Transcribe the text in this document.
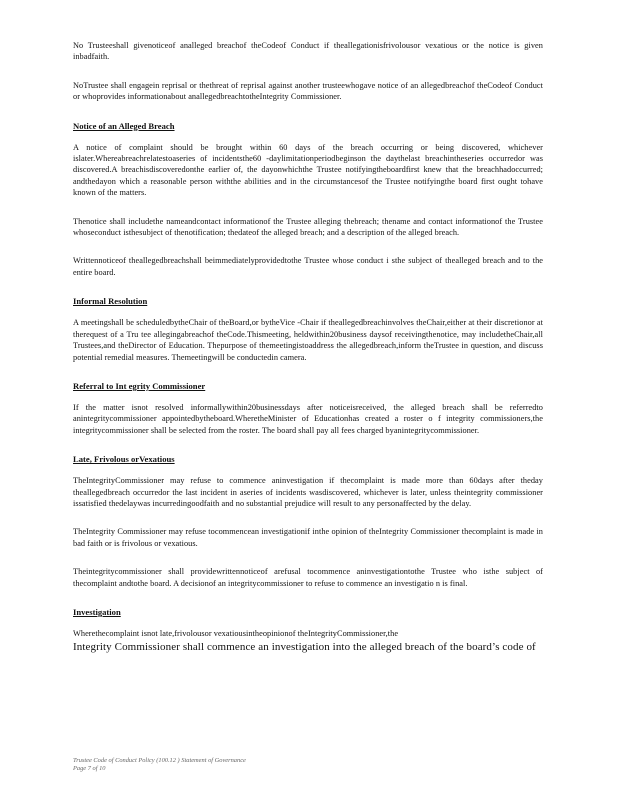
No Trusteeshall givenoticeof analleged breachof theCodeof Conduct if theallegationisfrivolousor vexatious or the notice is given inbadfaith.

NoTrustee shall engagein reprisal or thethreat of reprisal against another trusteewhogave notice of an allegedbreachof theCodeof Conduct or whoprovides informationabout anallegedbreachtotheIntegrity Commissioner.

Notice of an Alleged Breach

A notice of complaint should be brought within 60 days of the breach occurring or being discovered, whichever islater.Whereabreachrelatestoaseries of incidentsthe60 -daylimitationperiodbeginson the daythelast breachintheseries occurredor was discovered.A breachisdiscoveredonthe earlier of, the dayonwhichthe Trustee notifyingtheboardfirst knew that the breachhadoccurred; andthedayon which a reasonable person withthe abilities and in the circumstancesof the Trustee notifyingthe board first ought tohave known of the matters.

Thenotice shall includethe nameandcontact informationof the Trustee alleging thebreach; thename and contact informationof the Trustee whoseconduct isthesubject of thenotification; thedateof the alleged breach; and a description of the alleged breach.

Writtennoticeof theallegedbreachshall beimmediatelyprovidedtothe Trustee whose conduct i sthe subject of thealleged breach and to the entire board.

Informal Resolution

A meetingshall be scheduledbytheChair of theBoard,or bytheVice -Chair if theallegedbreachinvolves theChair,either at their discretionor at therequest of a Tru tee allegingabreachof theCode.Thismeeting, heldwithin20business daysof receivingthenotice, may includetheChair,all Trustees,and theDirector of Education. Thepurpose of themeetingistoaddress the allegedbreach,inform theTrustee in question, and discuss potential remedial measures. Themeetingwill be conductedin camera.

Referral to Int egrity Commissioner

If the matter isnot resolved informallywithin20businessdays after noticeisreceived, the alleged breach shall be referredto anintegritycommissioner appointedbytheboard.WheretheMinister of Educationhas created a roster o f integrity commissioners,the integritycommissioner shall be selected from the roster. The board shall pay all fees charged byanintegritycommissioner.

Late, Frivolous orVexatious

TheIntegrityCommissioner may refuse to commence aninvestigation if thecomplaint is made more than 60days after theday theallegedbreach occurredor the last incident in aseries of incidents wasdiscovered, whichever is later, unless theintegrity commissioner issatisfied thedelaywas incurredingoodfaith and no substantial prejudice will result to any personaffected by the delay.

TheIntegrity Commissioner may refuse tocommencean investigationif inthe opinion of theIntegrity Commissioner thecomplaint is made in bad faith or is frivolous or vexatious.

Theintegritycommissioner shall providewrittennoticeof arefusal tocommence aninvestigationtothe Trustee who isthe subject of thecomplaint andtothe board. A decisionof an integritycommissioner to refuse to commence an investigatio n is final.

Investigation

Wherethecomplaint isnot late,frivolousor vexatiousintheopinionof theIntegrityCommissioner,the

Integrity Commissioner shall commence an investigation into the alleged breach of the board’s code of
Trustee Code of Conduct Policy (100.12 ) Statement of Governance
Page 7 of 10
